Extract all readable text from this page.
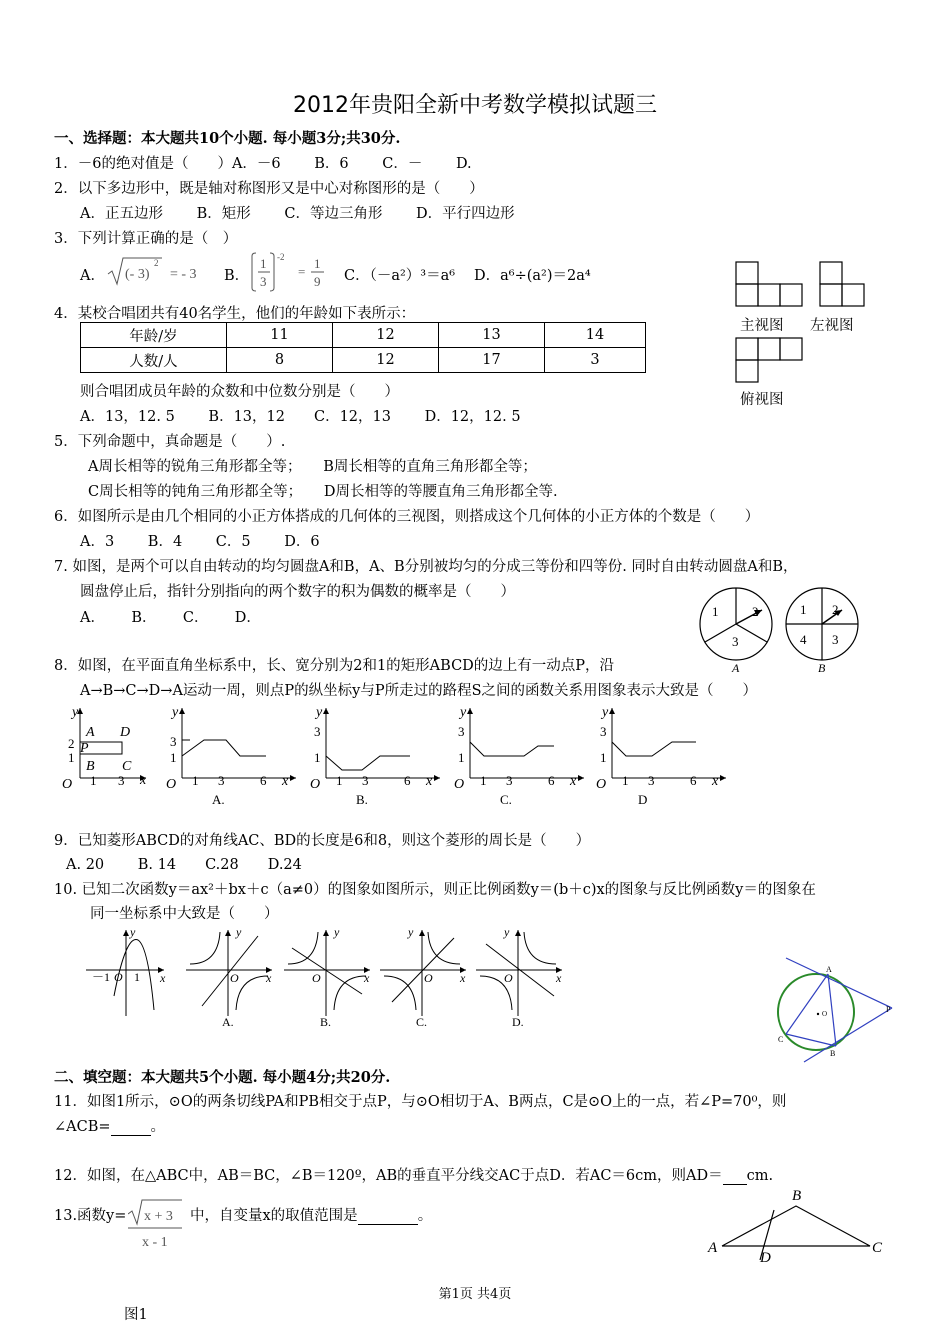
2012年贵阳全新中考数学模拟试题三
一、选择题：本大题共10个小题. 每小题3分;共30分.
1．－6的绝对值是（　　）A．－6　　 B．6　　 C．－　　 D.
2．以下多边形中，既是轴对称图形又是中心对称图形的是（　　）
A．正五边形　　 B．矩形　　 C．等边三角形　　 D．平行四边形
3．下列计算正确的是（　）
A． (- 3)
2
= - 3 B．
1
3
-2
=
1
9 C．（－a²）³＝a⁶ D．a⁶÷(a²)＝2a⁴
4．某校合唱团共有40名学生，他们的年龄如下表所示：
年龄/岁	11	12	13	14
人数/人	8	12	17	3
则合唱团成员年龄的众数和中位数分别是（　　）
A．13，12. 5　　 B．13，12　　C．12，13　　 D．12，12. 5
主视图 左视图
俯视图
5．下列命题中，真命题是（　　）.
A周长相等的锐角三角形都全等；　　B周长相等的直角三角形都全等；
C周长相等的钝角三角形都全等；　　D周长相等的等腰直角三角形都全等.
6．如图所示是由几个相同的小正方体搭成的几何体的三视图，则搭成这个几何体的小正方体的个数是（　　）
A．3　　 B．4　　 C．5　　 D．6
7. 如图，是两个可以自由转动的均匀圆盘A和B，A、B分别被均匀的分成三等份和四等份. 同时自由转动圆盘A和B，
圆盘停止后，指针分别指向的两个数字的积为偶数的概率是（　　）
A．　　 B．　　 C．　　 D．	1	2
3
1 2
4 3
A	B
8．如图，在平面直角坐标系中，长、宽分别为2和1的矩形ABCD的边上有一动点P，沿
A→B→C→D→A运动一周，则点P的纵坐标y与P所走过的路程S之间的函数关系用图象表示大致是（　　）
y
x
O
2
1
1 3
A D
P
B C
y
3
1
O 1 3	6 x
A.
y
3
1
O 1 3	6 x
B.
y
3
1
O 1 3	6 x
C.
y
3
1
O 1 3	6 x
D
9．已知菱形ABCD的对角线AC、BD的长度是6和8，则这个菱形的周长是（　　）
A. 20　　 B. 14　　C.28　　D.24
10. 已知二次函数y＝ax²＋bx＋c（a≠0）的图象如图所示，则正比例函数y＝(b＋c)x的图象与反比例函数y＝的图象在
同一坐标系中大致是（　　）
y
x
－1 O 1
y
x
O
A.
y
x
O
B.
y
x
O
C.
y
x
O
D.
A
P
C
B
O
二、填空题：本大题共5个小题. 每小题4分;共20分.
11．如图1所示，⊙O的两条切线PA和PB相交于点P，与⊙O相切于A、B两点，C是⊙O上的一点，若∠P=70⁰，则
∠ACB=	。
12．如图，在△ABC中，AB＝BC，∠B＝120º，AB的垂直平分线交AC于点D．若AC＝6cm，则AD＝ cm.
13.函数y= x + 3
x - 1
中，自变量x的取值范围是	。
A
B
C
D
第1页 共4页
图1
